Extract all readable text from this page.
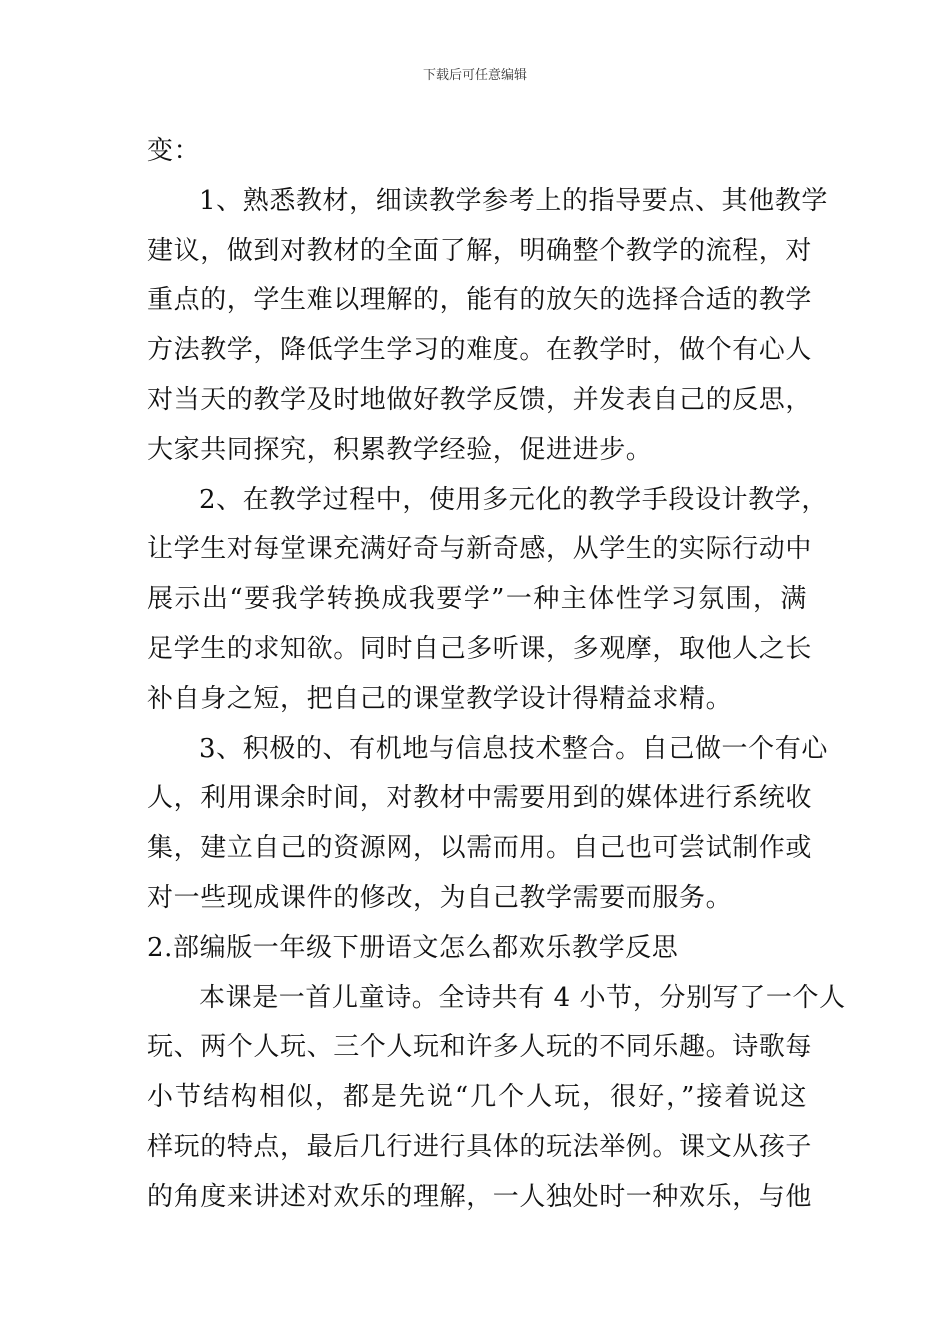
下载后可任意编辑
变：
1、熟悉教材，细读教学参考上的指导要点、其他教学
建议，做到对教材的全面了解，明确整个教学的流程，对
重点的，学生难以理解的，能有的放矢的选择合适的教学
方法教学，降低学生学习的难度。在教学时，做个有心人
对当天的教学及时地做好教学反馈，并发表自己的反思，
大家共同探究，积累教学经验，促进进步。
2、在教学过程中，使用多元化的教学手段设计教学，
让学生对每堂课充满好奇与新奇感，从学生的实际行动中
展示出“要我学转换成我要学”一种主体性学习氛围，满
足学生的求知欲。同时自己多听课，多观摩，取他人之长
补自身之短，把自己的课堂教学设计得精益求精。
3、积极的、有机地与信息技术整合。自己做一个有心
人，利用课余时间，对教材中需要用到的媒体进行系统收
集，建立自己的资源网，以需而用。自己也可尝试制作或
对一些现成课件的修改，为自己教学需要而服务。
2.部编版一年级下册语文怎么都欢乐教学反思
本课是一首儿童诗。全诗共有 4 小节，分别写了一个人
玩、两个人玩、三个人玩和许多人玩的不同乐趣。诗歌每
小节结构相似，都是先说“几个人玩，很好，”接着说这
样玩的特点，最后几行进行具体的玩法举例。课文从孩子
的角度来讲述对欢乐的理解，一人独处时一种欢乐，与他
